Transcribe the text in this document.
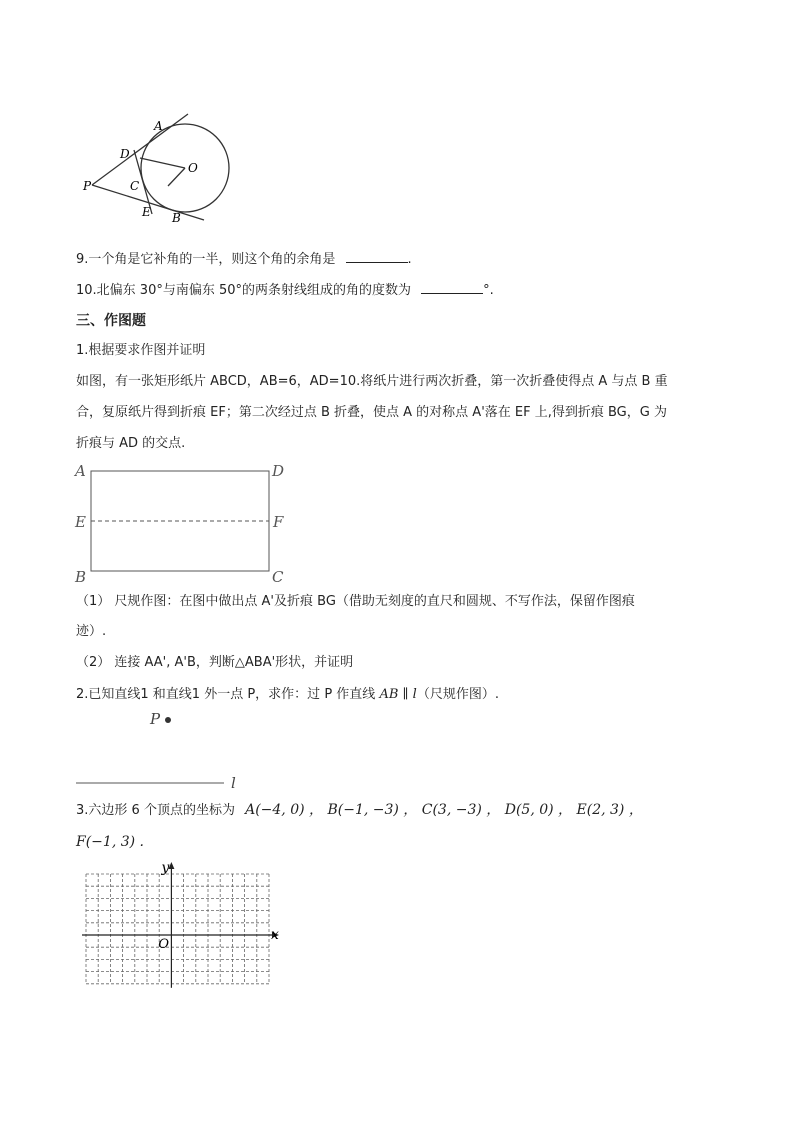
A
D
O
P	C
E B
9.一个角是它补角的一半，则这个角的余角是	.
10.北偏东 30°与南偏东 50°的两条射线组成的角的度数为	°.
三、作图题
1.根据要求作图并证明
如图，有一张矩形纸片 ABCD，AB=6，AD=10.将纸片进行两次折叠，第一次折叠使得点 A 与点 B 重
合，复原纸片得到折痕 EF；第二次经过点 B 折叠，使点 A 的对称点 A'落在 EF 上,得到折痕 BG，G 为
折痕与 AD 的交点.
A	D
E	F
B	C
（1） 尺规作图：在图中做出点 A'及折痕 BG（借助无刻度的直尺和圆规、不写作法，保留作图痕
迹）.
（2） 连接 AA', A'B，判断△ABA'形状，并证明
2.已知直线1 和直线1 外一点 P，求作：过 P 作直线 AB ∥ l（尺规作图）.
P
l
3.六边形 6 个顶点的坐标为 A(−4, 0) ， B(−1, −3) ， C(3, −3) ， D(5, 0) ， E(2, 3) ，
F(−1, 3) .
x
y
O
